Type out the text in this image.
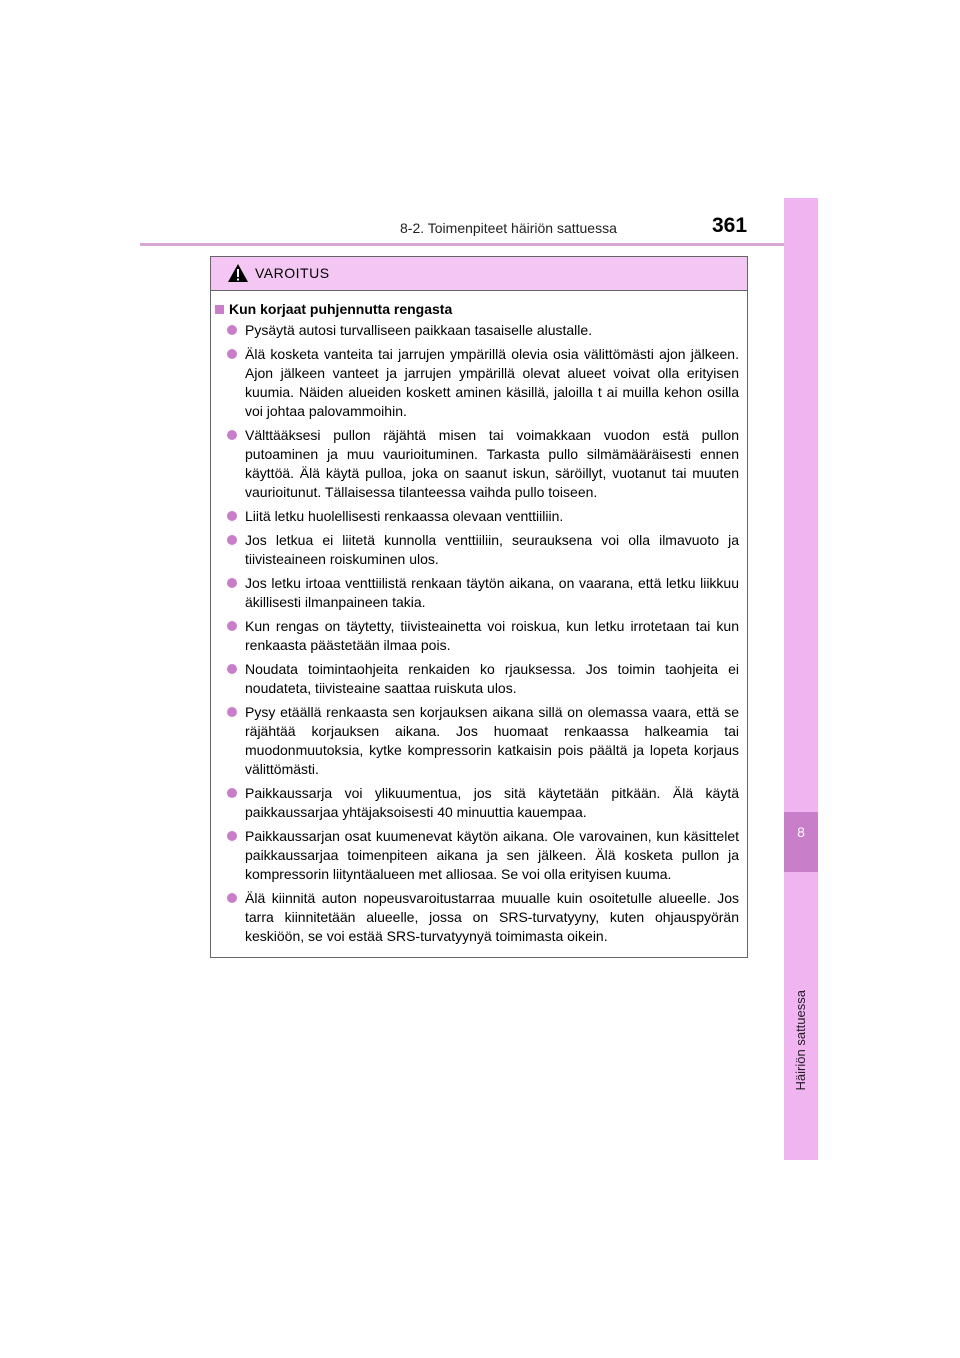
8-2. Toimenpiteet häiriön sattuessa	361
8
Häiriön sattuessa
VAROITUS
Kun korjaat puhjennutta rengasta
Pysäytä autosi turvalliseen paikkaan tasaiselle alustalle.
Älä kosketa vanteita tai jarrujen ympärillä olevia osia välittömästi ajon jälkeen. Ajon jälkeen vanteet ja jarrujen ympärillä olevat alueet voivat olla erityisen kuumia. Näiden alueiden koskett aminen käsillä, jaloilla t ai muilla kehon osilla voi johtaa palovammoihin.
Välttääksesi pullon räjähtä misen tai voimakkaan vuodon estä pullon putoaminen ja muu vaurioituminen. Tarkasta pullo silmämääräisesti ennen käyttöä. Älä käytä pulloa, joka on saanut iskun, säröillyt, vuotanut tai muuten vaurioitunut. Tällaisessa tilanteessa vaihda pullo toiseen.
Liitä letku huolellisesti renkaassa olevaan venttiiliin.
Jos letkua ei liitetä kunnolla venttiiliin, seurauksena voi olla ilmavuoto ja tiivisteaineen roiskuminen ulos.
Jos letku irtoaa venttiilistä renkaan täytön aikana, on vaarana, että letku liikkuu äkillisesti ilmanpaineen takia.
Kun rengas on täytetty, tiivisteainetta voi roiskua, kun letku irrotetaan tai kun renkaasta päästetään ilmaa pois.
Noudata toimintaohjeita renkaiden ko rjauksessa. Jos toimin taohjeita ei noudateta, tiivisteaine saattaa ruiskuta ulos.
Pysy etäällä renkaasta sen korjauksen aikana sillä on olemassa vaara, että se räjähtää korjauksen aikana. Jos huomaat renkaassa halkeamia tai muodonmuutoksia, kytke kompressorin katkaisin pois päältä ja lopeta korjaus välittömästi.
Paikkaussarja voi ylikuumentua, jos sitä käytetään pitkään. Älä käytä paikkaussarjaa yhtäjaksoisesti 40 minuuttia kauempaa.
Paikkaussarjan osat kuumenevat käytön aikana. Ole varovainen, kun käsittelet paikkaussarjaa toimenpiteen aikana ja sen jälkeen. Älä kosketa pullon ja kompressorin liityntäalueen met alliosaa. Se voi olla erityisen kuuma.
Älä kiinnitä auton nopeusvaroitustarraa muualle kuin osoitetulle alueelle. Jos tarra kiinnitetään alueelle, jossa on SRS-turvatyyny, kuten ohjauspyörän keskiöön, se voi estää SRS-turvatyynyä toimimasta oikein.
